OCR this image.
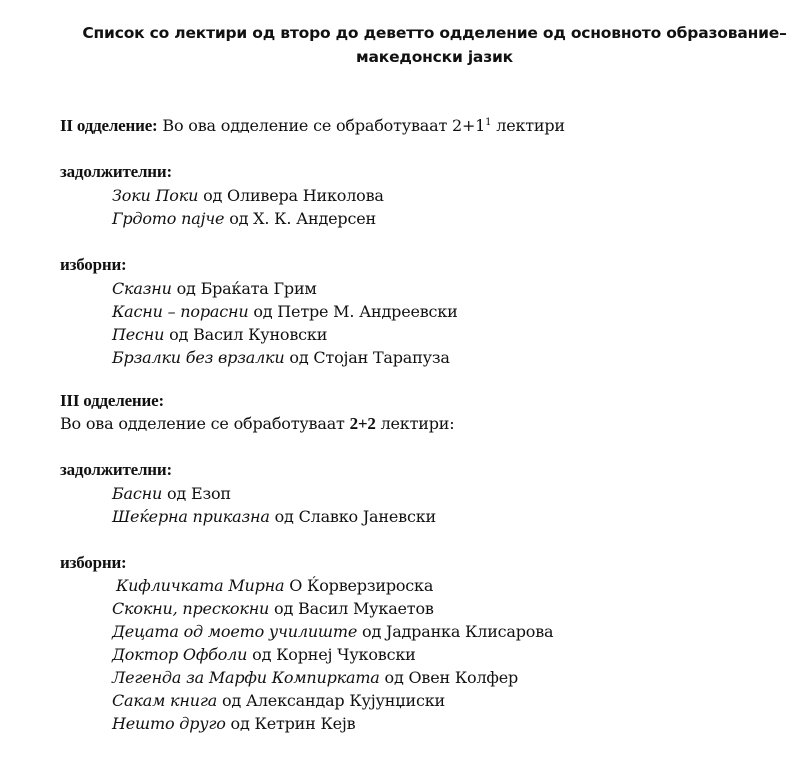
Список со лектири од второ до деветто одделение од основното образование–
македонски јазик
II одделение: Во ова одделение се обработуваат $2+1^1$ лектири
задолжителни:
Зоки Поки од Оливера Николова
Грдото пајче од Х. К. Андерсен
изборни:
Сказни од Браќата Грим
Касни – порасни од Петре М. Андреевски
Песни од Васил Куновски
Брзалки без врзалки од Стојан Тарапуза
III одделение:
Во ова одделение се обработуваат 2+2 лектири:
задолжителни:
Басни од Езоп
Шеќерна приказна од Славко Јаневски
изборни:
Кифличката Мирна О Ќорверзироска
Скокни, прескокни од Васил Мукаетов
Децата од моето училиште од Јадранка Клисарова
Доктор Офболи од Корнеј Чуковски
Легенда за Марфи Компирката од Овен Колфер
Сакам книга од Александар Кујунџиски
Нешто друго од Кетрин Кејв
